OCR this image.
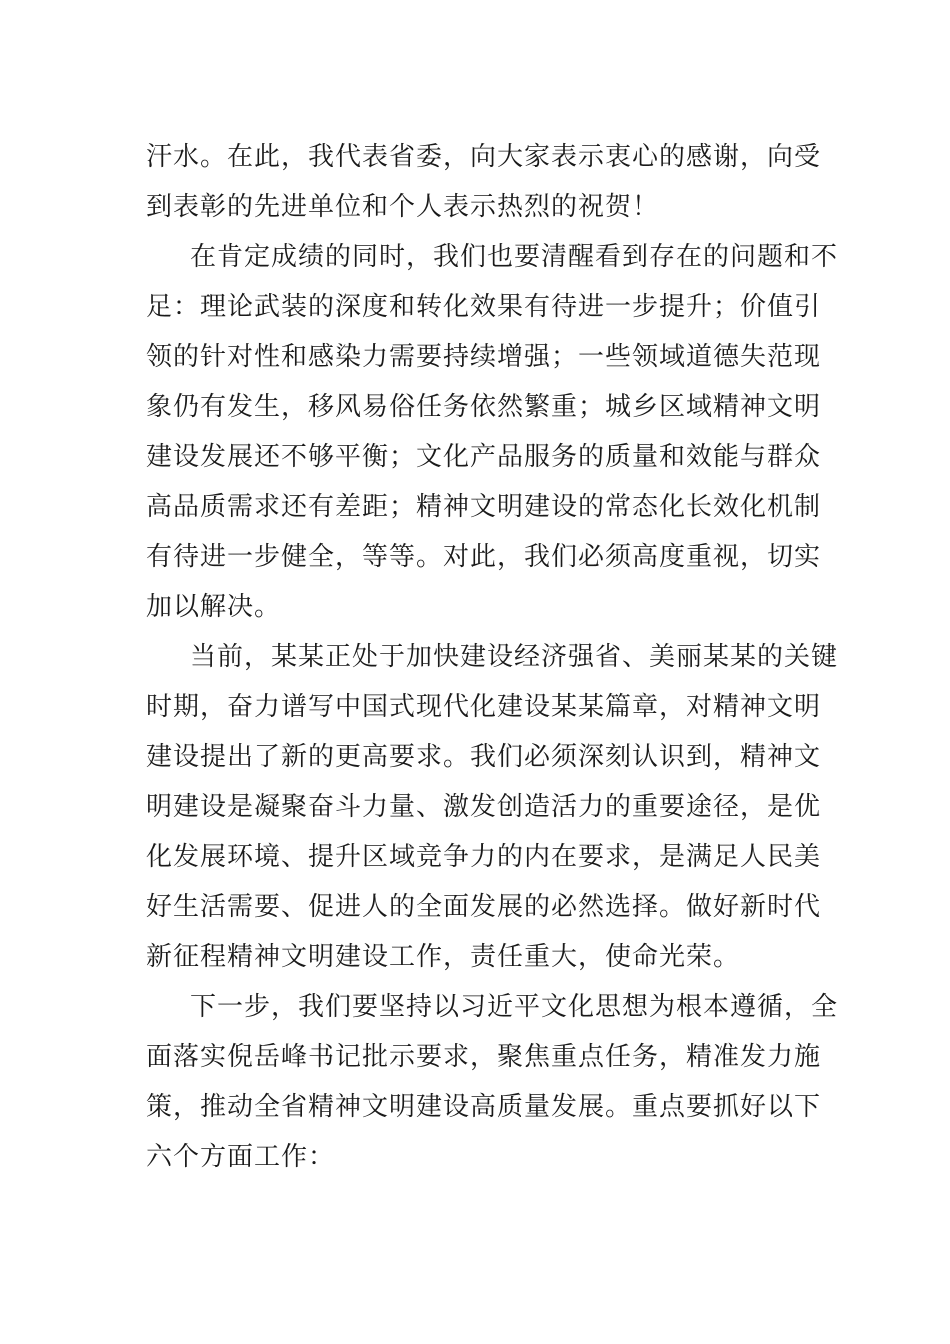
汗水。在此，我代表省委，向大家表示衷心的感谢，向受
到表彰的先进单位和个人表示热烈的祝贺！
在肯定成绩的同时，我们也要清醒看到存在的问题和不
足：理论武装的深度和转化效果有待进一步提升；价值引
领的针对性和感染力需要持续增强；一些领域道德失范现
象仍有发生，移风易俗任务依然繁重；城乡区域精神文明
建设发展还不够平衡；文化产品服务的质量和效能与群众
高品质需求还有差距；精神文明建设的常态化长效化机制
有待进一步健全，等等。对此，我们必须高度重视，切实
加以解决。
当前，某某正处于加快建设经济强省、美丽某某的关键
时期，奋力谱写中国式现代化建设某某篇章，对精神文明
建设提出了新的更高要求。我们必须深刻认识到，精神文
明建设是凝聚奋斗力量、激发创造活力的重要途径，是优
化发展环境、提升区域竞争力的内在要求，是满足人民美
好生活需要、促进人的全面发展的必然选择。做好新时代
新征程精神文明建设工作，责任重大，使命光荣。
下一步，我们要坚持以习近平文化思想为根本遵循，全
面落实倪岳峰书记批示要求，聚焦重点任务，精准发力施
策，推动全省精神文明建设高质量发展。重点要抓好以下
六个方面工作：
